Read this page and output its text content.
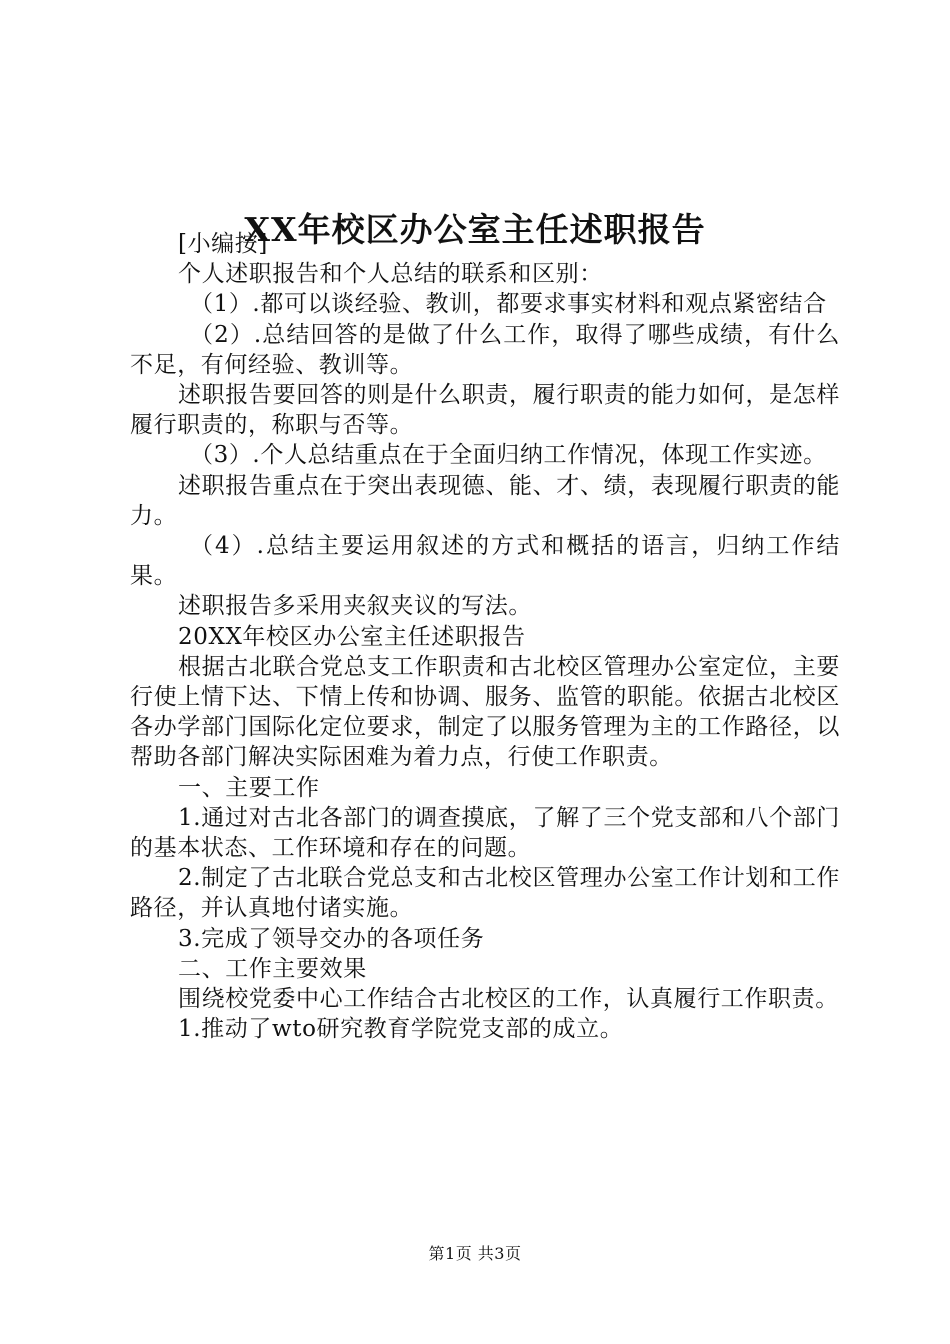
XX年校区办公室主任述职报告

[小编按]

个人述职报告和个人总结的联系和区别：

（1）.都可以谈经验、教训，都要求事实材料和观点紧密结合

（2）.总结回答的是做了什么工作，取得了哪些成绩，有什么不足，有何经验、教训等。

述职报告要回答的则是什么职责，履行职责的能力如何，是怎样履行职责的，称职与否等。

（3）.个人总结重点在于全面归纳工作情况，体现工作实迹。

述职报告重点在于突出表现德、能、才、绩，表现履行职责的能力。

（4）.总结主要运用叙述的方式和概括的语言，归纳工作结果。

述职报告多采用夹叙夹议的写法。

20XX年校区办公室主任述职报告

根据古北联合党总支工作职责和古北校区管理办公室定位，主要行使上情下达、下情上传和协调、服务、监管的职能。依据古北校区各办学部门国际化定位要求，制定了以服务管理为主的工作路径，以帮助各部门解决实际困难为着力点，行使工作职责。

一、主要工作

1.通过对古北各部门的调查摸底，了解了三个党支部和八个部门的基本状态、工作环境和存在的问题。

2.制定了古北联合党总支和古北校区管理办公室工作计划和工作路径，并认真地付诸实施。

3.完成了领导交办的各项任务

二、工作主要效果

围绕校党委中心工作结合古北校区的工作，认真履行工作职责。

1.推动了wto研究教育学院党支部的成立。

第1页 共3页
